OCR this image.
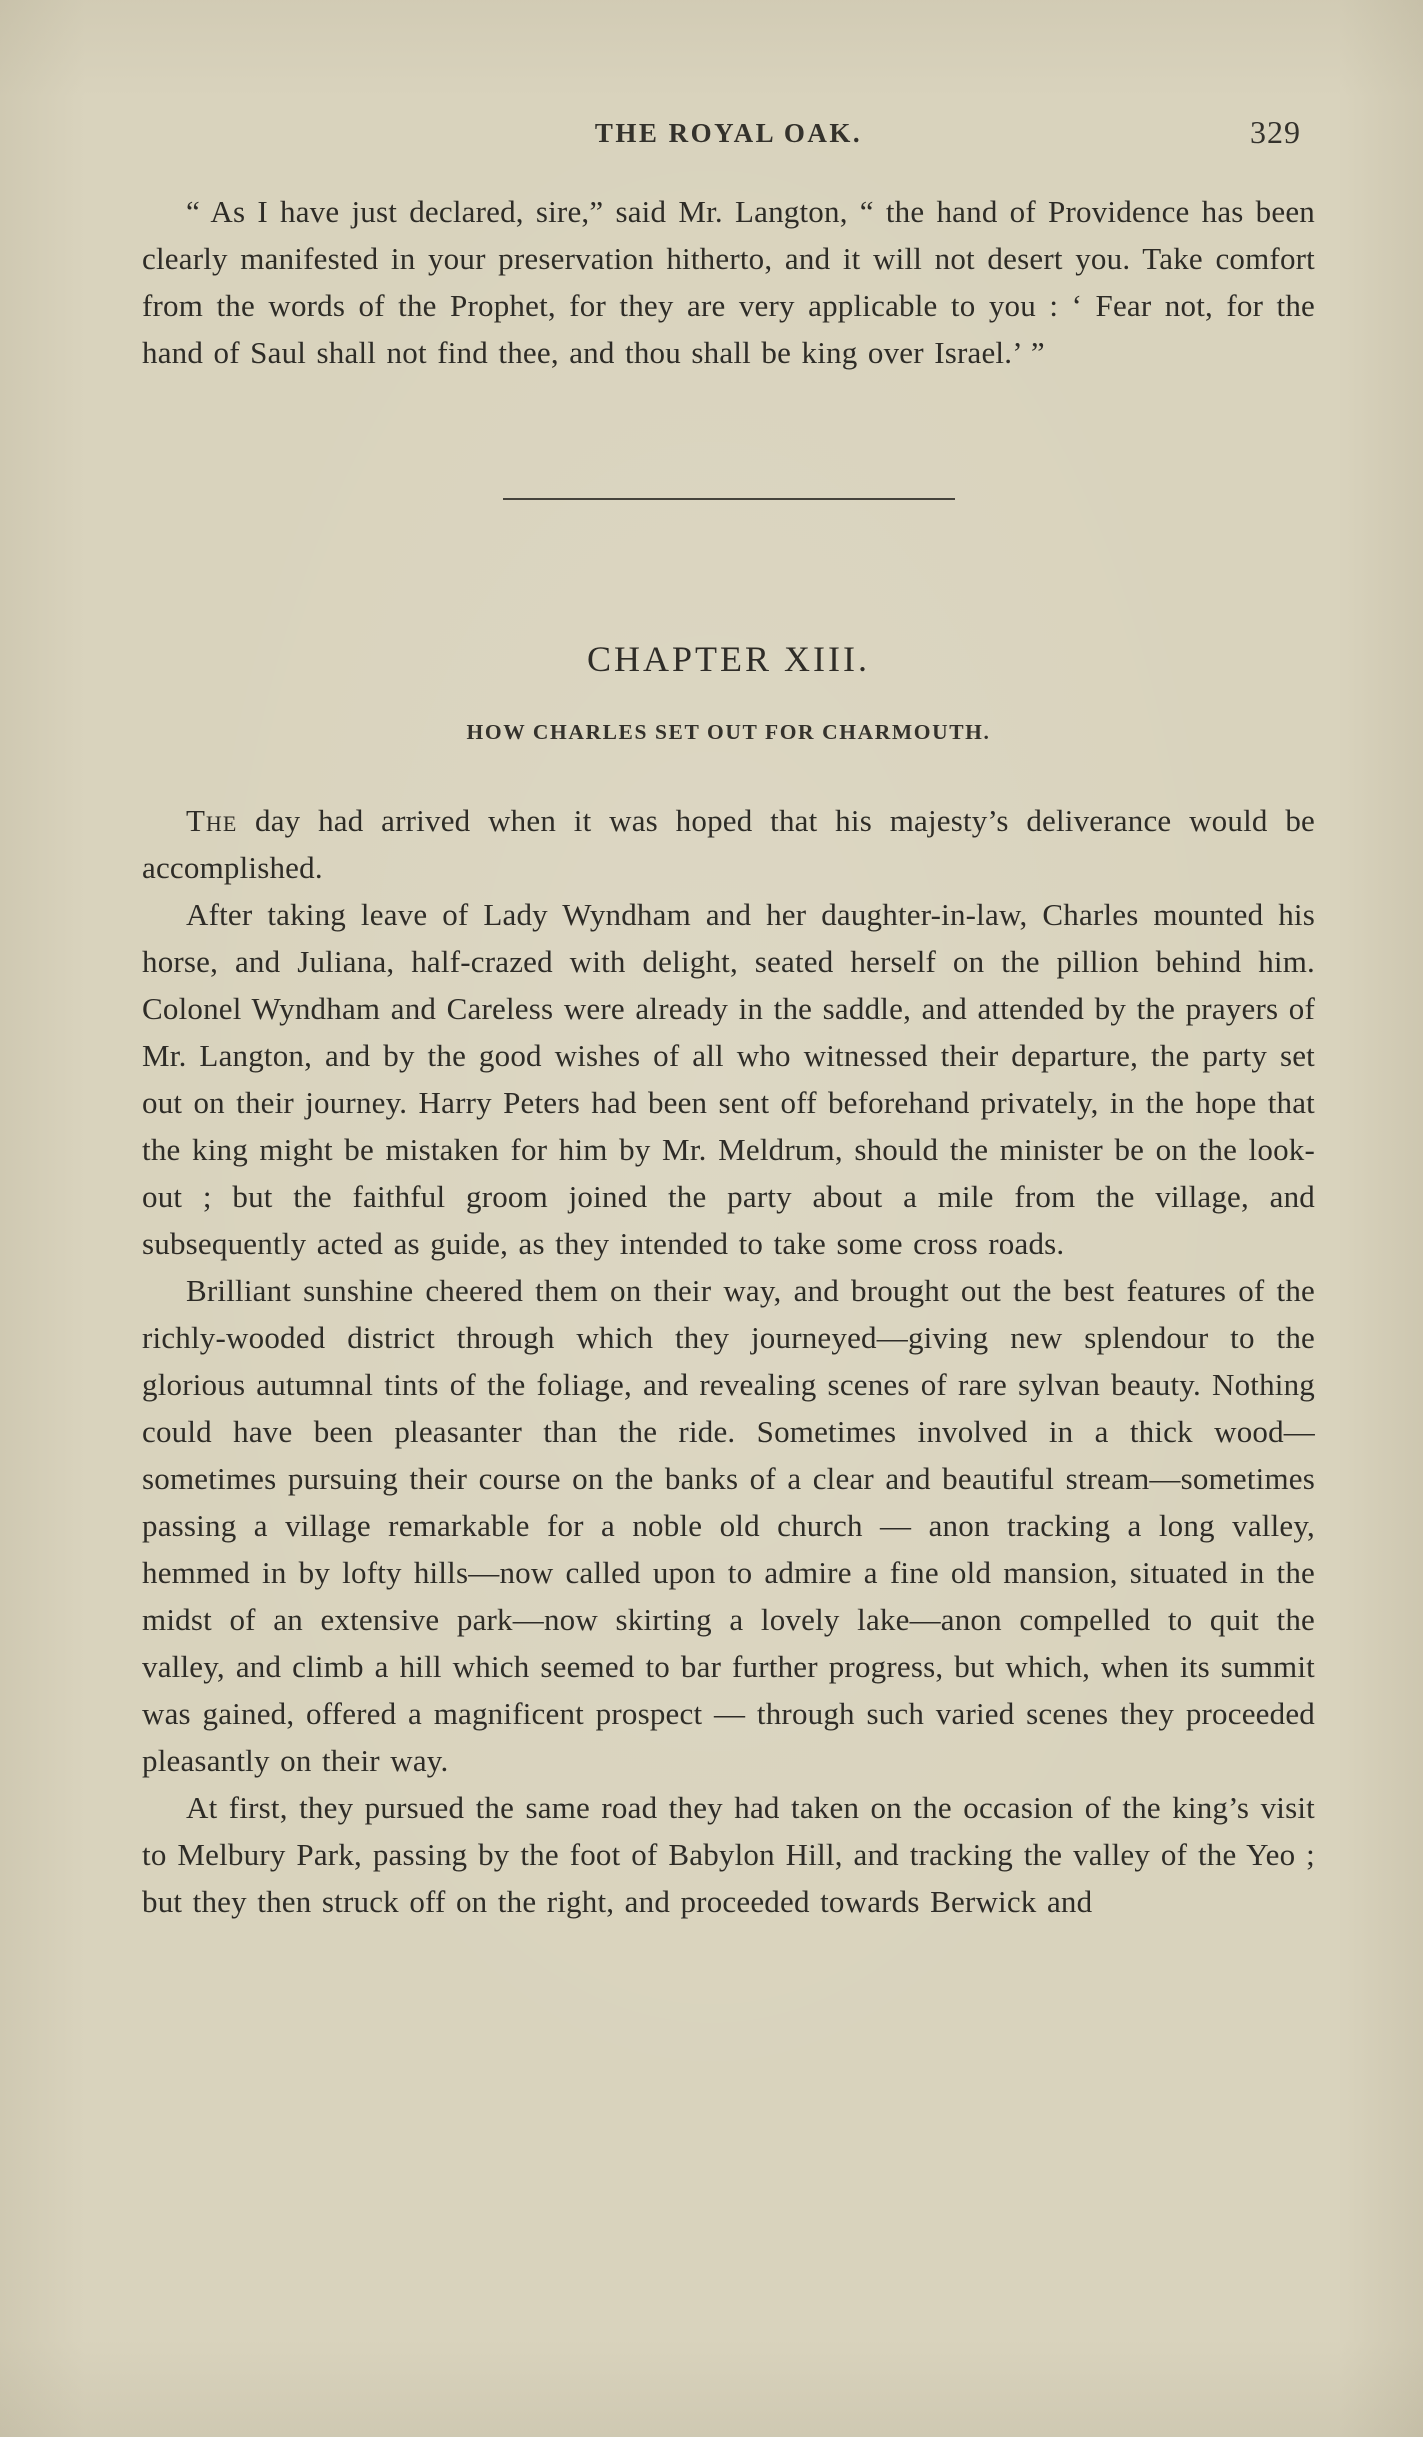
THE ROYAL OAK.	329

“ As I have just declared, sire,” said Mr. Langton, “ the hand of Providence has been clearly manifested in your preservation hitherto, and it will not desert you. Take comfort from the words of the Prophet, for they are very applicable to you : ‘ Fear not, for the hand of Saul shall not find thee, and thou shall be king over Israel.’ ”

CHAPTER XIII.
HOW CHARLES SET OUT FOR CHARMOUTH.

The day had arrived when it was hoped that his majesty’s deliverance would be accomplished.

After taking leave of Lady Wyndham and her daughter-in-law, Charles mounted his horse, and Juliana, half-crazed with delight, seated herself on the pillion behind him. Colonel Wyndham and Careless were already in the saddle, and attended by the prayers of Mr. Langton, and by the good wishes of all who witnessed their departure, the party set out on their journey. Harry Peters had been sent off beforehand privately, in the hope that the king might be mistaken for him by Mr. Meldrum, should the minister be on the look-out ; but the faithful groom joined the party about a mile from the village, and subsequently acted as guide, as they intended to take some cross roads.

Brilliant sunshine cheered them on their way, and brought out the best features of the richly-wooded district through which they journeyed—giving new splendour to the glorious autumnal tints of the foliage, and revealing scenes of rare sylvan beauty. Nothing could have been pleasanter than the ride. Sometimes involved in a thick wood—sometimes pursuing their course on the banks of a clear and beautiful stream—sometimes passing a village remarkable for a noble old church — anon tracking a long valley, hemmed in by lofty hills—now called upon to admire a fine old mansion, situated in the midst of an extensive park—now skirting a lovely lake—anon compelled to quit the valley, and climb a hill which seemed to bar further progress, but which, when its summit was gained, offered a magnificent prospect — through such varied scenes they proceeded pleasantly on their way.

At first, they pursued the same road they had taken on the occasion of the king’s visit to Melbury Park, passing by the foot of Babylon Hill, and tracking the valley of the Yeo ; but they then struck off on the right, and proceeded towards Berwick and
